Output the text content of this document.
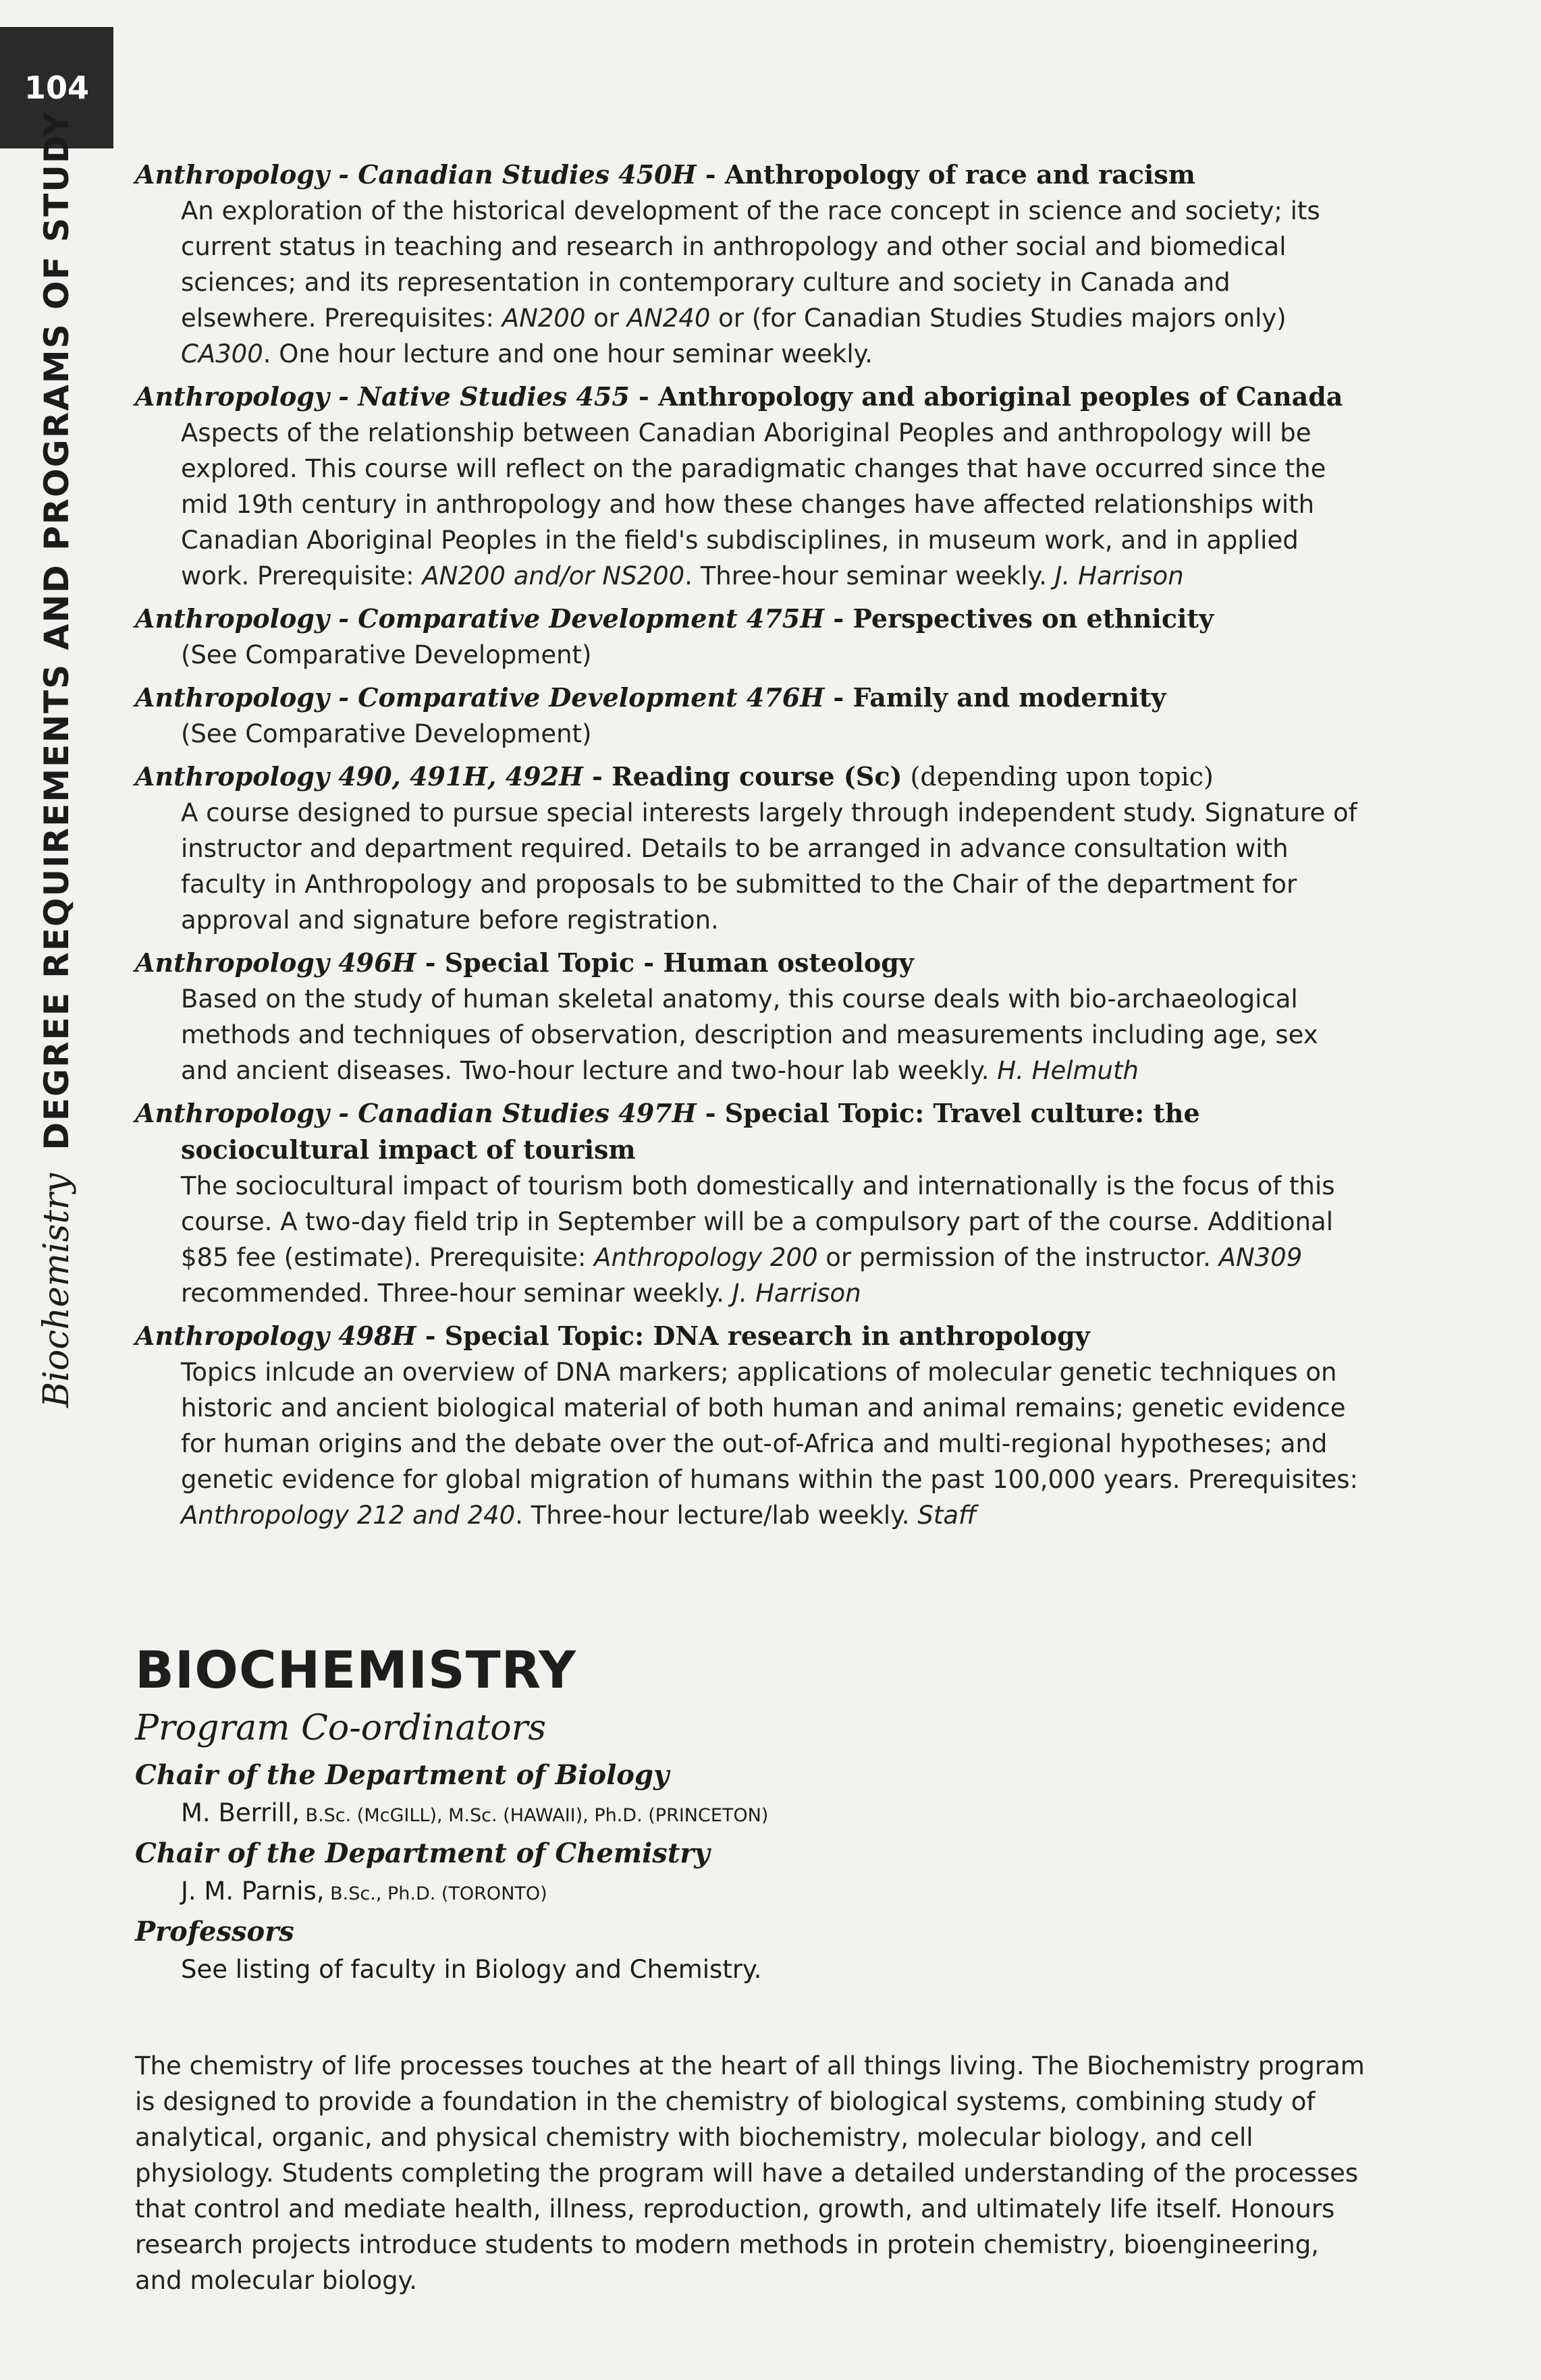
104
Biochemistry
DEGREE REQUIREMENTS AND PROGRAMS OF STUDY Anthropology - Canadian Studies 450H - Anthropology of race and racism
An exploration of the historical development of the race concept in science and society; its current status in teaching and research in anthropology and other social and biomedical sciences; and its representation in contemporary culture and society in Canada and elsewhere. Prerequisites: AN200 or AN240 or (for Canadian Studies Studies majors only) CA300. One hour lecture and one hour seminar weekly.
Anthropology - Native Studies 455 - Anthropology and aboriginal peoples of Canada
Aspects of the relationship between Canadian Aboriginal Peoples and anthropology will be explored. This course will reflect on the paradigmatic changes that have occurred since the mid 19th century in anthropology and how these changes have affected relationships with Canadian Aboriginal Peoples in the field's subdisciplines, in museum work, and in applied work. Prerequisite: AN200 and/or NS200. Three-hour seminar weekly. J. Harrison
Anthropology - Comparative Development 475H - Perspectives on ethnicity
(See Comparative Development)
Anthropology - Comparative Development 476H - Family and modernity
(See Comparative Development)
Anthropology 490, 491H, 492H - Reading course (Sc) (depending upon topic)
A course designed to pursue special interests largely through independent study. Signature of instructor and department required. Details to be arranged in advance consultation with faculty in Anthropology and proposals to be submitted to the Chair of the department for approval and signature before registration.
Anthropology 496H - Special Topic - Human osteology
Based on the study of human skeletal anatomy, this course deals with bio-archaeological methods and techniques of observation, description and measurements including age, sex and ancient diseases. Two-hour lecture and two-hour lab weekly. H. Helmuth
Anthropology - Canadian Studies 497H - Special Topic: Travel culture: the sociocultural impact of tourism
The sociocultural impact of tourism both domestically and internationally is the focus of this course. A two-day field trip in September will be a compulsory part of the course. Additional $85 fee (estimate). Prerequisite: Anthropology 200 or permission of the instructor. AN309 recommended. Three-hour seminar weekly. J. Harrison
Anthropology 498H - Special Topic: DNA research in anthropology
Topics inlcude an overview of DNA markers; applications of molecular genetic techniques on historic and ancient biological material of both human and animal remains; genetic evidence for human origins and the debate over the out-of-Africa and multi-regional hypotheses; and genetic evidence for global migration of humans within the past 100,000 years. Prerequisites: Anthropology 212 and 240. Three-hour lecture/lab weekly. Staff
BIOCHEMISTRY
Program Co-ordinators
Chair of the Department of Biology
M. Berrill, B.Sc. (McGILL), M.Sc. (HAWAII), Ph.D. (PRINCETON)
Chair of the Department of Chemistry
J. M. Parnis, B.Sc., Ph.D. (TORONTO)
Professors
See listing of faculty in Biology and Chemistry.
The chemistry of life processes touches at the heart of all things living. The Biochemistry program is designed to provide a foundation in the chemistry of biological systems, combining study of analytical, organic, and physical chemistry with biochemistry, molecular biology, and cell physiology. Students completing the program will have a detailed understanding of the processes that control and mediate health, illness, reproduction, growth, and ultimately life itself. Honours research projects introduce students to modern methods in protein chemistry, bioengineering, and molecular biology.
